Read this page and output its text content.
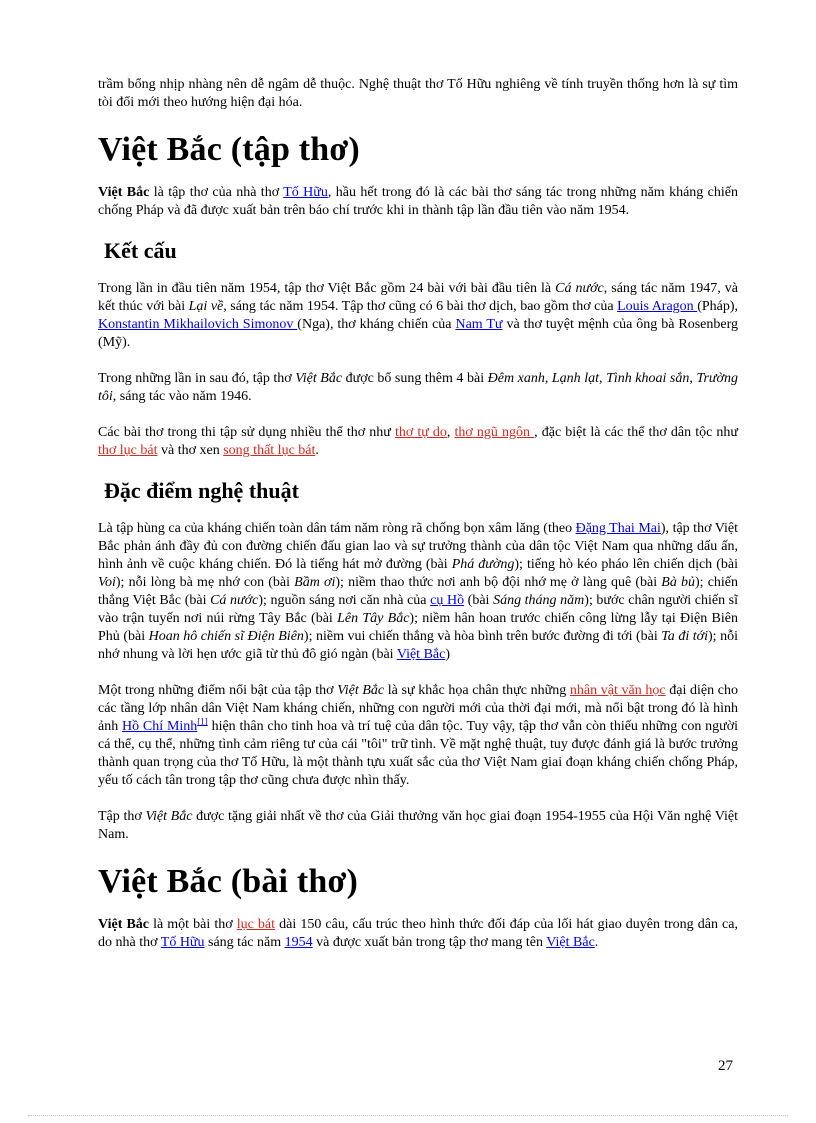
trầm bổng nhịp nhàng nên dễ ngâm dễ thuộc. Nghệ thuật thơ Tố Hữu nghiêng về tính truyền thống hơn là sự tìm tòi đổi mới theo hướng hiện đại hóa.

Việt Bắc (tập thơ)

Việt Bắc là tập thơ của nhà thơ Tố Hữu, hầu hết trong đó là các bài thơ sáng tác trong những năm kháng chiến chống Pháp và đã được xuất bản trên báo chí trước khi in thành tập lần đầu tiên vào năm 1954.

Kết cấu

Trong lần in đầu tiên năm 1954, tập thơ Việt Bắc gồm 24 bài với bài đầu tiên là Cá nước, sáng tác năm 1947, và kết thúc với bài Lại về, sáng tác năm 1954. Tập thơ cũng có 6 bài thơ dịch, bao gồm thơ của Louis Aragon (Pháp), Konstantin Mikhailovich Simonov (Nga), thơ kháng chiến của Nam Tư và thơ tuyệt mệnh của ông bà Rosenberg (Mỹ).

Trong những lần in sau đó, tập thơ Việt Bắc được bổ sung thêm 4 bài Đêm xanh, Lạnh lạt, Tình khoai sắn, Trường tôi, sáng tác vào năm 1946.

Các bài thơ trong thi tập sử dụng nhiều thể thơ như thơ tự do, thơ ngũ ngôn , đặc biệt là các thể thơ dân tộc như thơ lục bát và thơ xen song thất lục bát.

Đặc điểm nghệ thuật

Là tập hùng ca của kháng chiến toàn dân tám năm ròng rã chống bọn xâm lăng (theo Đặng Thai Mai), tập thơ Việt Bắc phản ánh đầy đủ con đường chiến đấu gian lao và sự trưởng thành của dân tộc Việt Nam qua những dấu ấn, hình ảnh về cuộc kháng chiến. Đó là tiếng hát mở đường (bài Phá đường); tiếng hò kéo pháo lên chiến dịch (bài Voi); nỗi lòng bà mẹ nhớ con (bài Bầm ơi); niềm thao thức nơi anh bộ đội nhớ mẹ ở làng quê (bài Bà bủ); chiến thắng Việt Bắc (bài Cá nước); nguồn sáng nơi căn nhà của cụ Hồ (bài Sáng tháng năm); bước chân người chiến sĩ vào trận tuyến nơi núi rừng Tây Bắc (bài Lên Tây Bắc); niềm hân hoan trước chiến công lừng lẫy tại Điện Biên Phủ (bài Hoan hô chiến sĩ Điện Biên); niềm vui chiến thắng và hòa bình trên bước đường đi tới (bài Ta đi tới); nỗi nhớ nhung và lời hẹn ước giã từ thủ đô gió ngàn (bài Việt Bắc)

Một trong những điểm nổi bật của tập thơ Việt Bắc là sự khắc họa chân thực những nhân vật văn học đại diện cho các tầng lớp nhân dân Việt Nam kháng chiến, những con người mới của thời đại mới, mà nổi bật trong đó là hình ảnh Hồ Chí Minh[1] hiện thân cho tinh hoa và trí tuệ của dân tộc. Tuy vậy, tập thơ vẫn còn thiếu những con người cá thể, cụ thể, những tình cảm riêng tư của cái "tôi" trữ tình. Về mặt nghệ thuật, tuy được đánh giá là bước trưởng thành quan trọng của thơ Tố Hữu, là một thành tựu xuất sắc của thơ Việt Nam giai đoạn kháng chiến chống Pháp, yếu tố cách tân trong tập thơ cũng chưa được nhìn thấy.

Tập thơ Việt Bắc được tặng giải nhất về thơ của Giải thưởng văn học giai đoạn 1954-1955 của Hội Văn nghệ Việt Nam.

Việt Bắc (bài thơ)

Việt Bắc là một bài thơ lục bát dài 150 câu, cấu trúc theo hình thức đối đáp của lối hát giao duyên trong dân ca, do nhà thơ Tố Hữu sáng tác năm 1954 và được xuất bản trong tập thơ mang tên Việt Bắc.

27
